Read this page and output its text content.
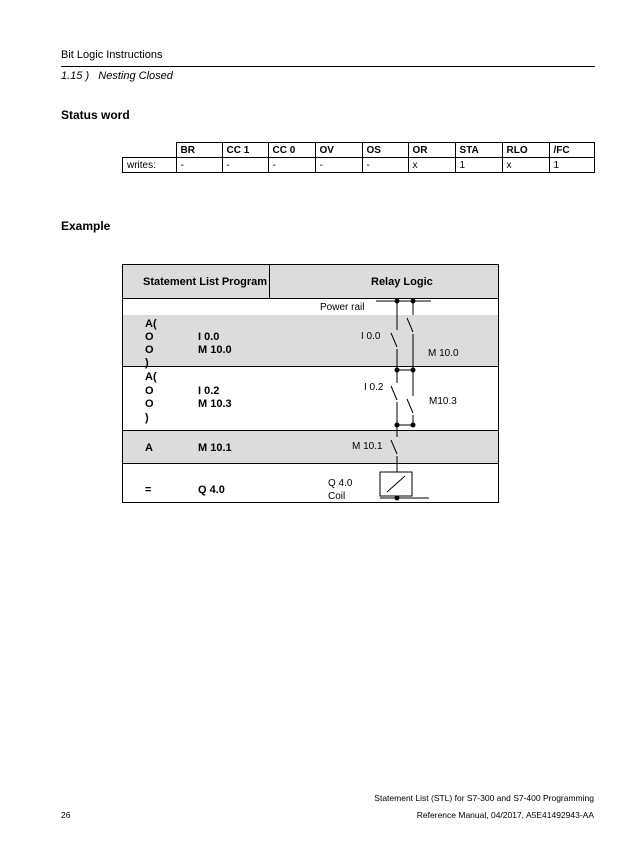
Bit Logic Instructions
1.15 )   Nesting Closed
Status word
	BR	CC 1	CC 0	OV	OS	OR	STA	RLO	/FC
writes:	-	-	-	-	-	x	1	x	1
Example
Statement List Program	Relay Logic
A(
O	I 0.0
O	M 10.0
)
A(
O	I 0.2
O	M 10.3
)
A	M 10.1
=	Q 4.0
Power rail
I 0.0
M 10.0
I 0.2
M10.3
M 10.1
Q 4.0
Coil
Statement List (STL) for S7-300 and S7-400 Programming
26	Reference Manual, 04/2017, A5E41492943-AA
